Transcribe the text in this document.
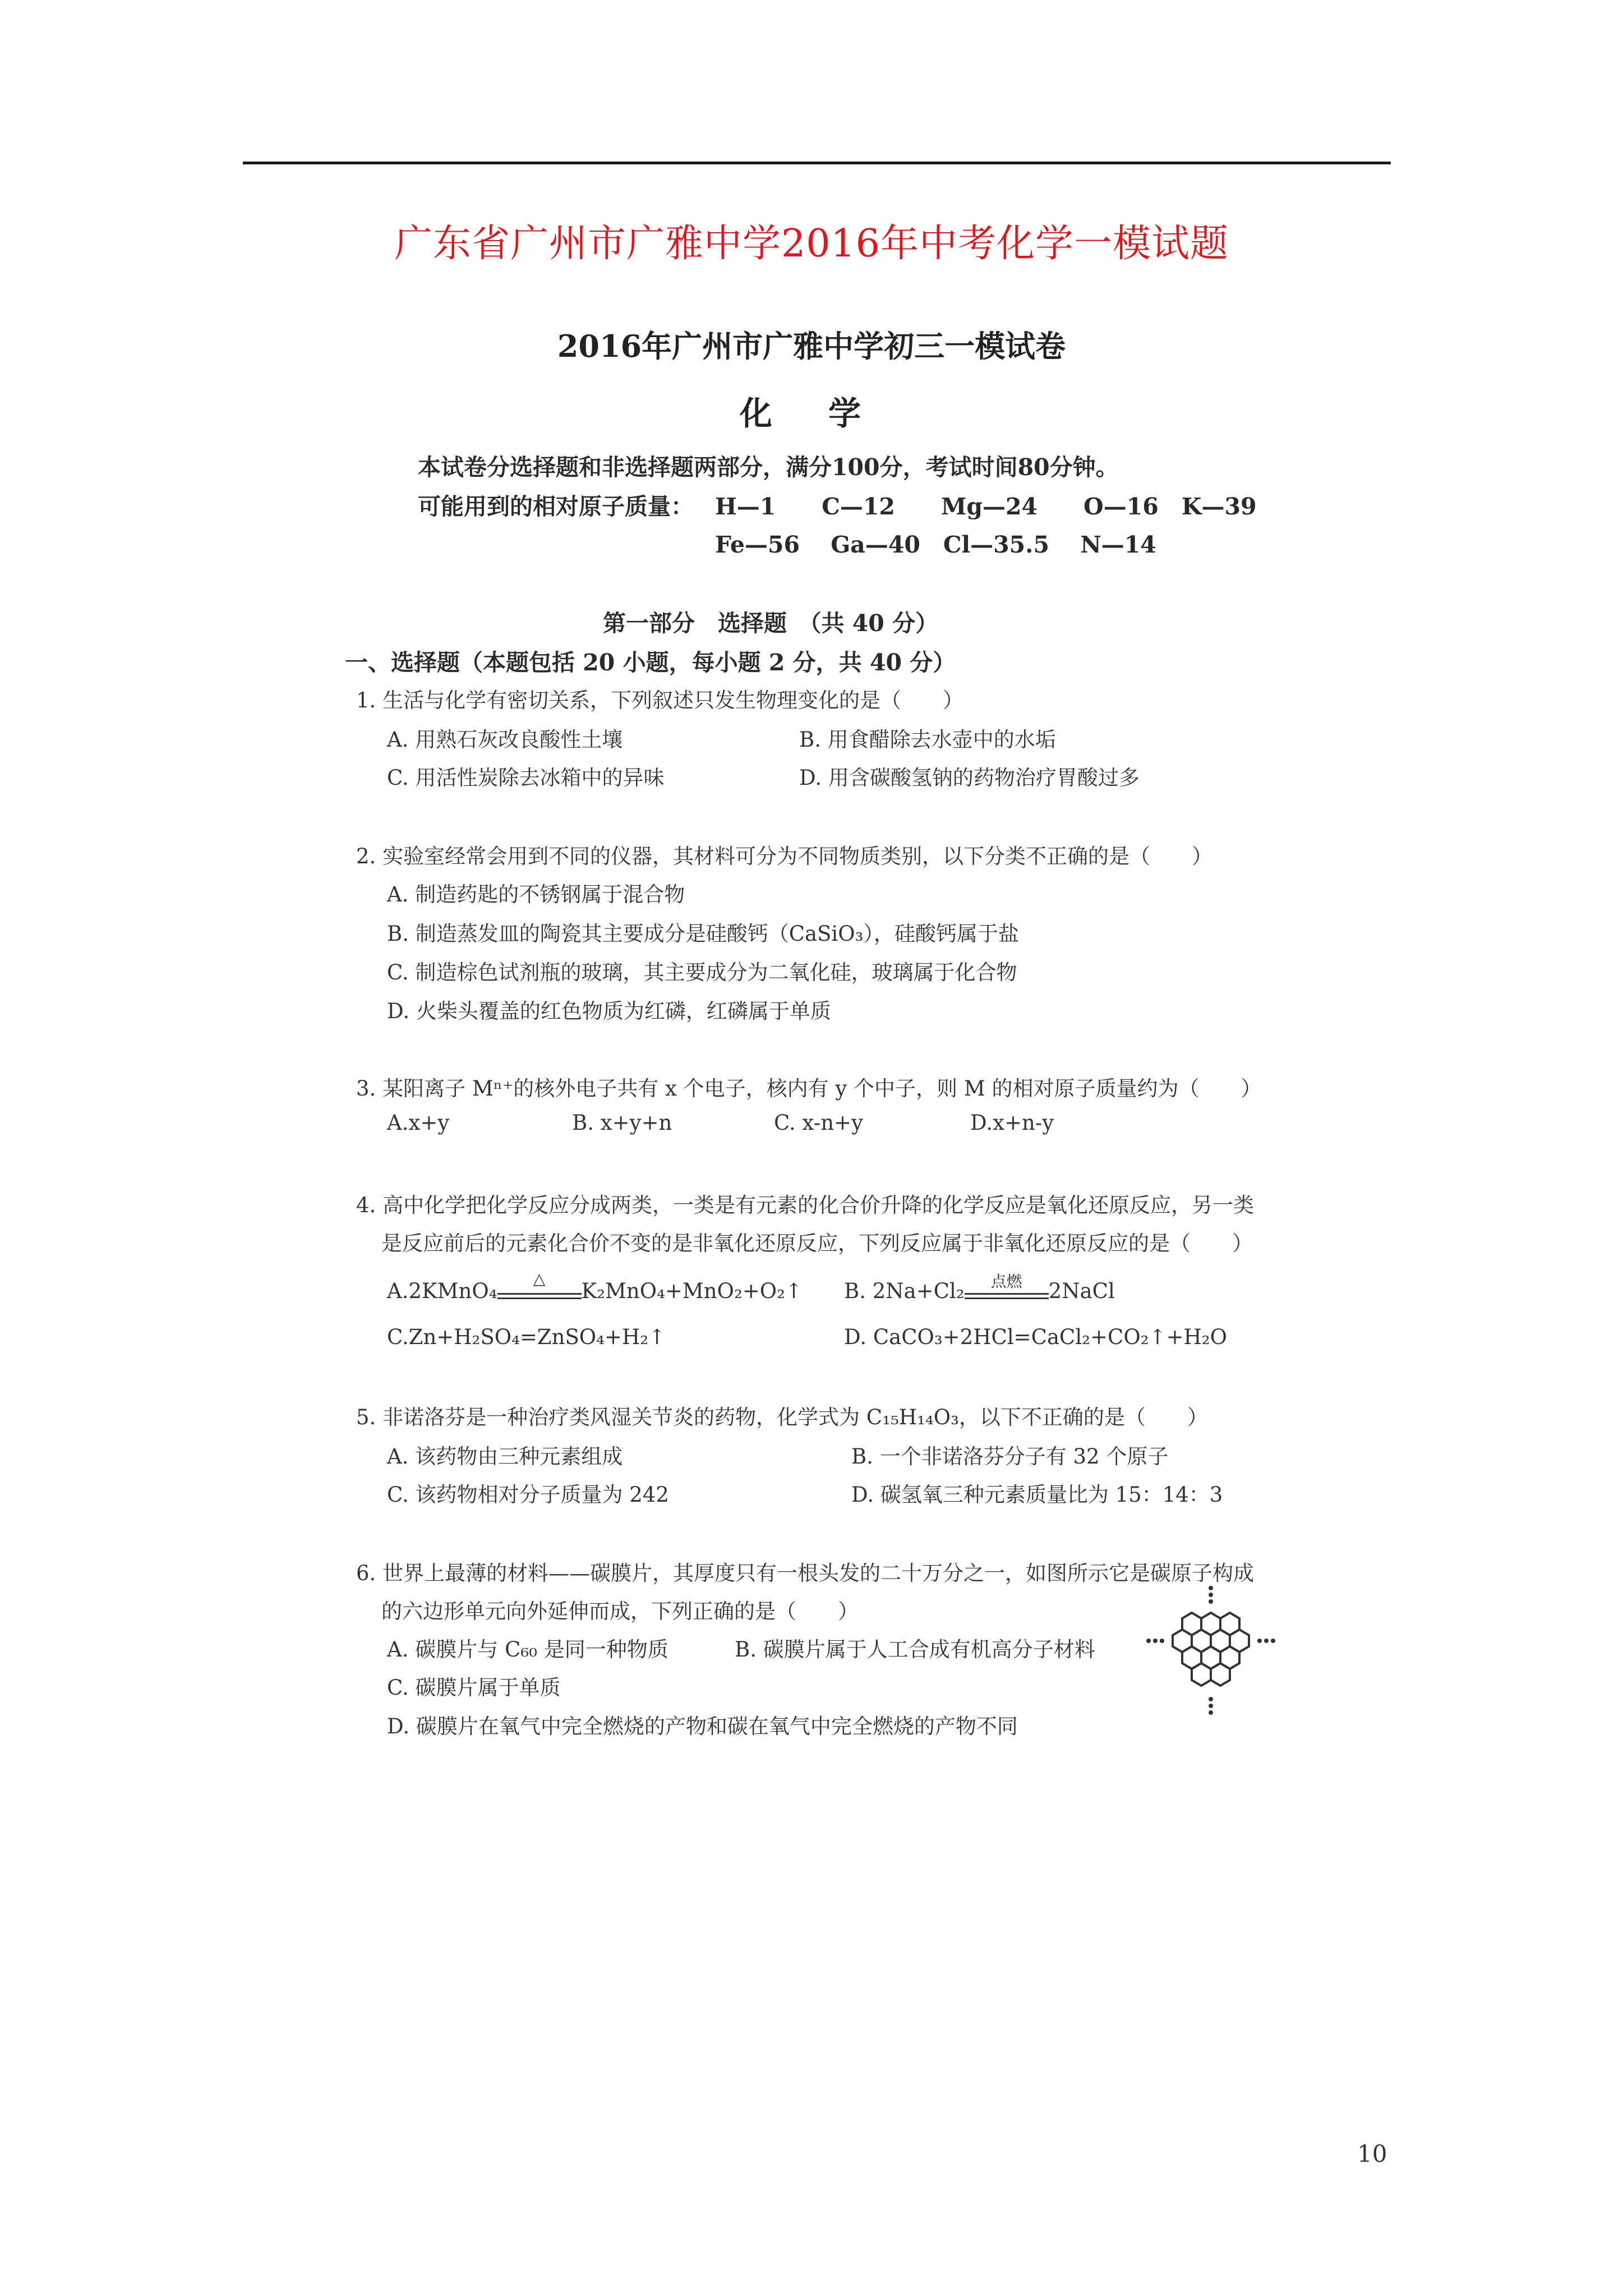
广东省广州市广雅中学2016年中考化学一模试题
2016年广州市广雅中学初三一模试卷
化 学
本试卷分选择题和非选择题两部分，满分100分，考试时间80分钟。
可能用到的相对原子质量： H—1　　C—12　　Mg—24　　O—16　K—39
Fe—56　 Ga—40　Cl—35.5　 N—14
第一部分　选择题　（共 40 分）
一、选择题（本题包括 20 小题，每小题 2 分，共 40 分）
1. 生活与化学有密切关系，下列叙述只发生物理变化的是（　　）
A. 用熟石灰改良酸性土壤	B. 用食醋除去水壶中的水垢
C. 用活性炭除去冰箱中的异味	D. 用含碳酸氢钠的药物治疗胃酸过多
2. 实验室经常会用到不同的仪器，其材料可分为不同物质类别，以下分类不正确的是（　　）
A. 制造药匙的不锈钢属于混合物
B. 制造蒸发皿的陶瓷其主要成分是硅酸钙（CaSiO₃），硅酸钙属于盐
C. 制造棕色试剂瓶的玻璃，其主要成分为二氧化硅，玻璃属于化合物
D. 火柴头覆盖的红色物质为红磷，红磷属于单质
3. 某阳离子 Mⁿ⁺的核外电子共有 x 个电子，核内有 y 个中子，则 M 的相对原子质量约为（　　）
A.x+y	B. x+y+n	C. x-n+y	D.x+n-y
4. 高中化学把化学反应分成两类，一类是有元素的化合价升降的化学反应是氧化还原反应，另一类
是反应前后的元素化合价不变的是非氧化还原反应，下列反应属于非氧化还原反应的是（　　）
A.2KMnO₄
△
K₂MnO₄+MnO₂+O₂↑ B. 2Na+Cl₂	点燃	2NaCl
C.Zn+H₂SO₄=ZnSO₄+H₂↑	D. CaCO₃+2HCl=CaCl₂+CO₂↑+H₂O
5. 非诺洛芬是一种治疗类风湿关节炎的药物，化学式为 C₁₅H₁₄O₃，以下不正确的是（　　）
A. 该药物由三种元素组成	B. 一个非诺洛芬分子有 32 个原子
C. 该药物相对分子质量为 242	D. 碳氢氧三种元素质量比为 15：14：3
6. 世界上最薄的材料——碳膜片，其厚度只有一根头发的二十万分之一，如图所示它是碳原子构成
的六边形单元向外延伸而成，下列正确的是（　　）
A. 碳膜片与 C₆₀ 是同一种物质	B. 碳膜片属于人工合成有机高分子材料
C. 碳膜片属于单质
D. 碳膜片在氧气中完全燃烧的产物和碳在氧气中完全燃烧的产物不同
10
